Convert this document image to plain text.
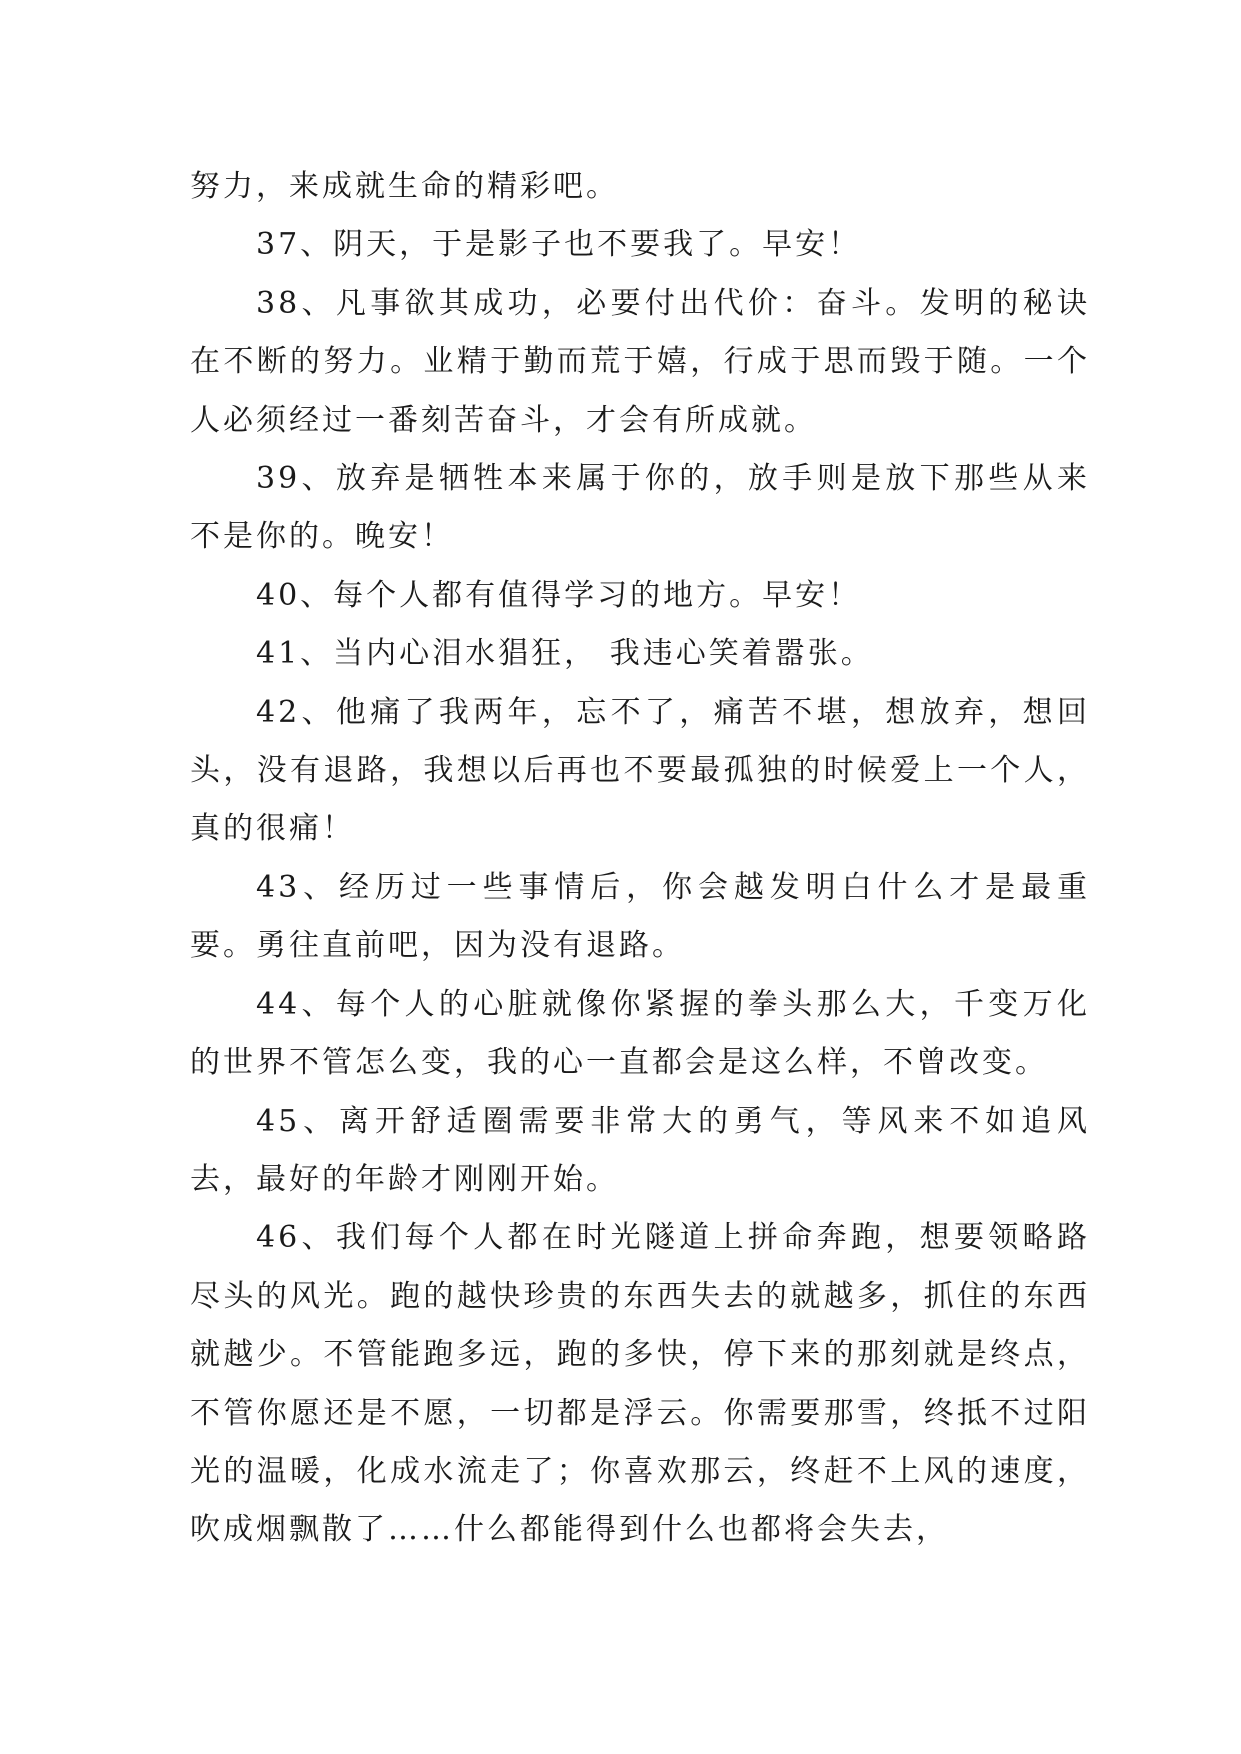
努力，来成就生命的精彩吧。

37、阴天，于是影子也不要我了。早安！

38、凡事欲其成功，必要付出代价：奋斗。发明的秘诀在不断的努力。业精于勤而荒于嬉，行成于思而毁于随。一个人必须经过一番刻苦奋斗，才会有所成就。

39、放弃是牺牲本来属于你的，放手则是放下那些从来不是你的。晚安！

40、每个人都有值得学习的地方。早安！

41、当内心泪水猖狂， 我违心笑着嚣张。

42、他痛了我两年，忘不了，痛苦不堪，想放弃，想回头，没有退路，我想以后再也不要最孤独的时候爱上一个人，真的很痛！

43、经历过一些事情后，你会越发明白什么才是最重要。勇往直前吧，因为没有退路。

44、每个人的心脏就像你紧握的拳头那么大，千变万化的世界不管怎么变，我的心一直都会是这么样，不曾改变。

45、离开舒适圈需要非常大的勇气，等风来不如追风去，最好的年龄才刚刚开始。

46、我们每个人都在时光隧道上拼命奔跑，想要领略路尽头的风光。跑的越快珍贵的东西失去的就越多，抓住的东西就越少。不管能跑多远，跑的多快，停下来的那刻就是终点，不管你愿还是不愿，一切都是浮云。你需要那雪，终抵不过阳光的温暖，化成水流走了；你喜欢那云，终赶不上风的速度，吹成烟飘散了……什么都能得到什么也都将会失去，
